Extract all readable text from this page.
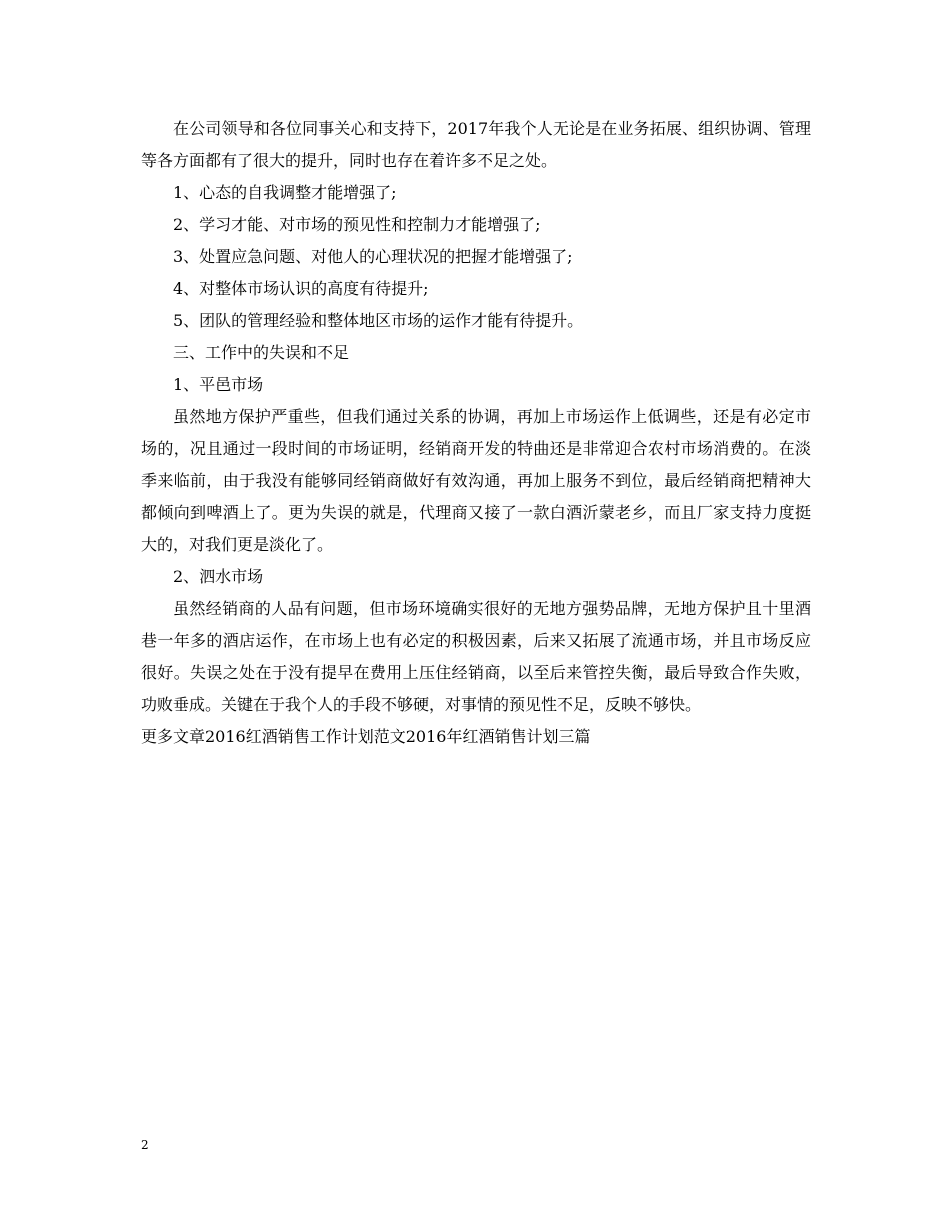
在公司领导和各位同事关心和支持下，2017年我个人无论是在业务拓展、组织协调、管理等各方面都有了很大的提升，同时也存在着许多不足之处。

1、心态的自我调整才能增强了;

2、学习才能、对市场的预见性和控制力才能增强了;

3、处置应急问题、对他人的心理状况的把握才能增强了;

4、对整体市场认识的高度有待提升;

5、团队的管理经验和整体地区市场的运作才能有待提升。

三、工作中的失误和不足

1、平邑市场

虽然地方保护严重些，但我们通过关系的协调，再加上市场运作上低调些，还是有必定市场的，况且通过一段时间的市场证明，经销商开发的特曲还是非常迎合农村市场消费的。在淡季来临前，由于我没有能够同经销商做好有效沟通，再加上服务不到位，最后经销商把精神大都倾向到啤酒上了。更为失误的就是，代理商又接了一款白酒沂蒙老乡，而且厂家支持力度挺大的，对我们更是淡化了。

2、泗水市场

虽然经销商的人品有问题，但市场环境确实很好的无地方强势品牌，无地方保护且十里酒巷一年多的酒店运作，在市场上也有必定的积极因素，后来又拓展了流通市场，并且市场反应很好。失误之处在于没有提早在费用上压住经销商，以至后来管控失衡，最后导致合作失败，功败垂成。关键在于我个人的手段不够硬，对事情的预见性不足，反映不够快。

更多文章2016红酒销售工作计划范文2016年红酒销售计划三篇

2
